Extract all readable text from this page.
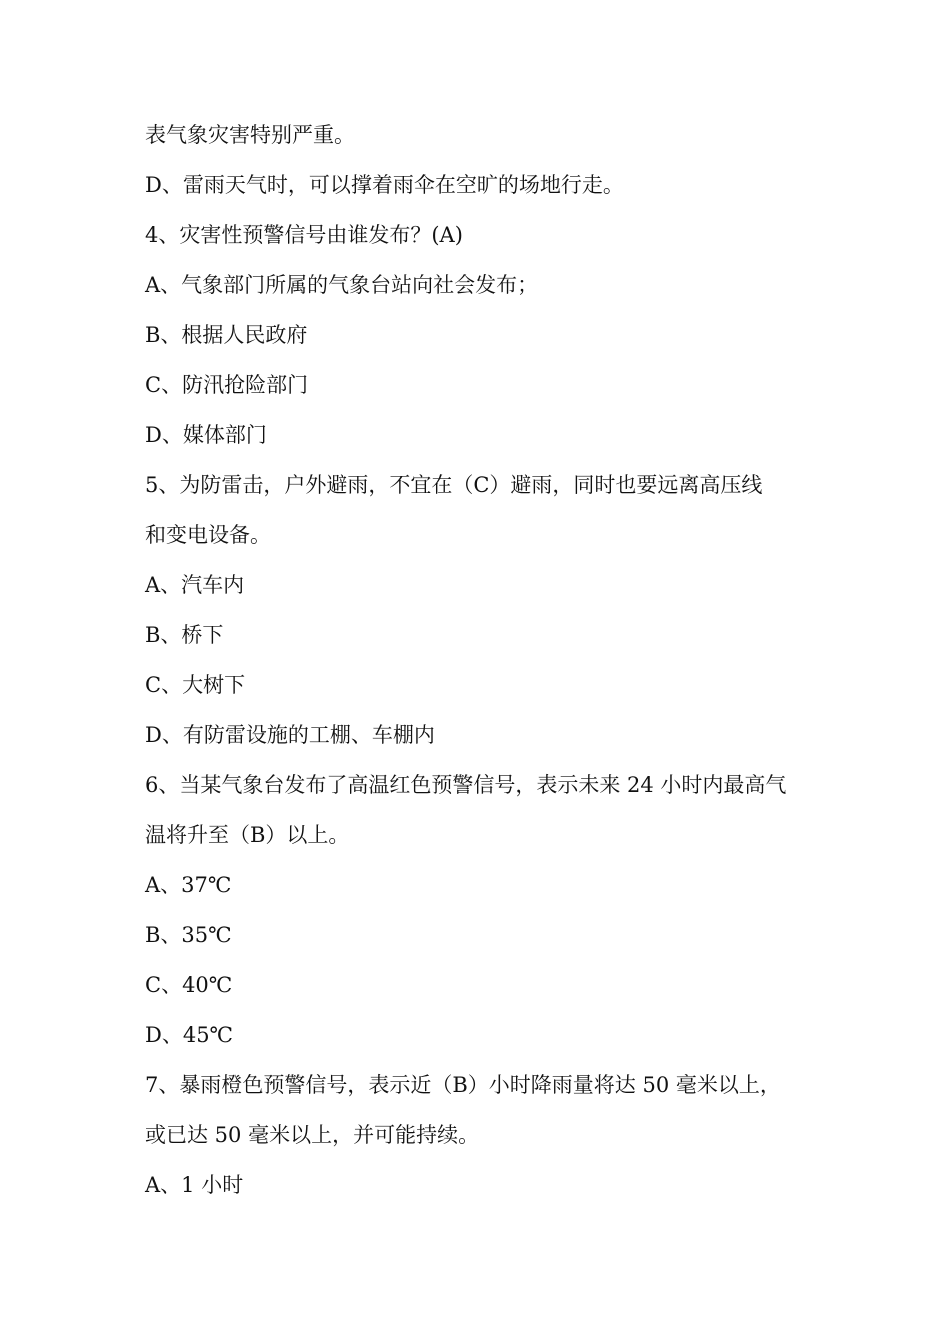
表气象灾害特别严重。
D、雷雨天气时，可以撑着雨伞在空旷的场地行走。
4、灾害性预警信号由谁发布？(A)
A、气象部门所属的气象台站向社会发布；
B、根据人民政府
C、防汛抢险部门
D、媒体部门
5、为防雷击，户外避雨，不宜在（C）避雨，同时也要远离高压线
和变电设备。
A、汽车内
B、桥下
C、大树下
D、有防雷设施的工棚、车棚内
6、当某气象台发布了高温红色预警信号，表示未来 24 小时内最高气
温将升至（B）以上。
A、37℃
B、35℃
C、40℃
D、45℃
7、暴雨橙色预警信号，表示近（B）小时降雨量将达 50 毫米以上，
或已达 50 毫米以上，并可能持续。
A、1 小时
